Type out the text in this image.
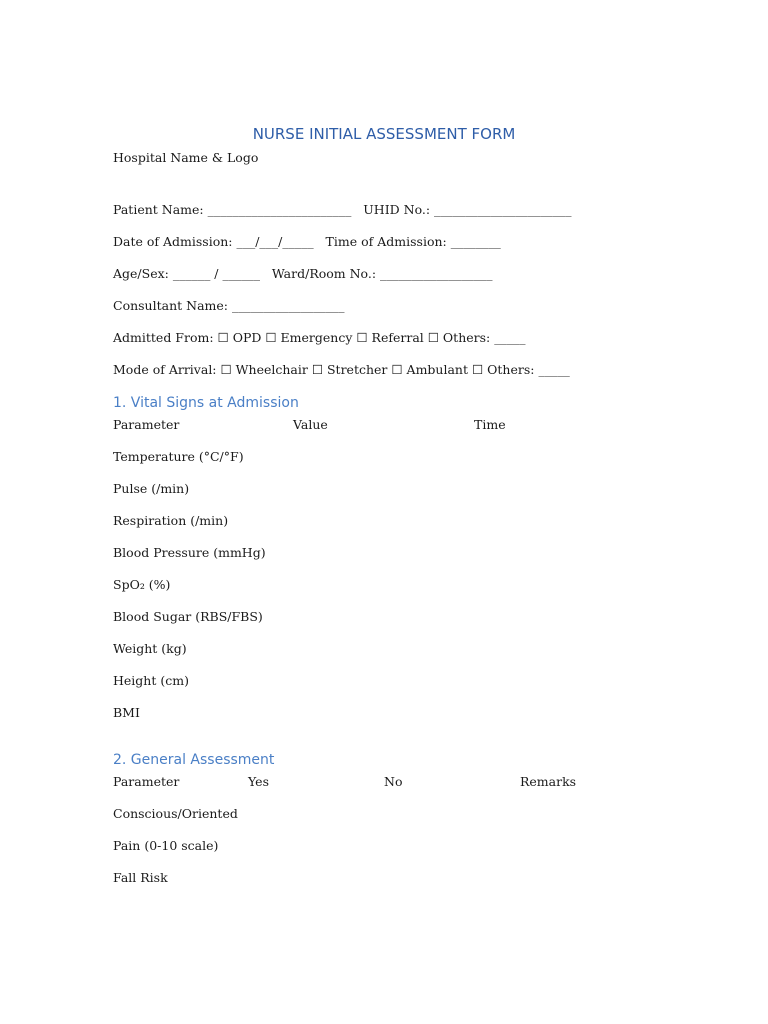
NURSE INITIAL ASSESSMENT FORM
Hospital Name & Logo
Patient Name: _______________________   UHID No.: ______________________
Date of Admission: ___/___/_____   Time of Admission: ________
Age/Sex: ______ / ______   Ward/Room No.: __________________
Consultant Name: __________________
Admitted From: ☐ OPD ☐ Emergency ☐ Referral ☐ Others: _____
Mode of Arrival: ☐ Wheelchair ☐ Stretcher ☐ Ambulant ☐ Others: _____
1. Vital Signs at Admission
Parameter	Value	Time
Temperature (°C/°F)
Pulse (/min)
Respiration (/min)
Blood Pressure (mmHg)
SpO₂ (%)
Blood Sugar (RBS/FBS)
Weight (kg)
Height (cm)
BMI
2. General Assessment
Parameter	Yes	No	Remarks
Conscious/Oriented
Pain (0-10 scale)
Fall Risk
